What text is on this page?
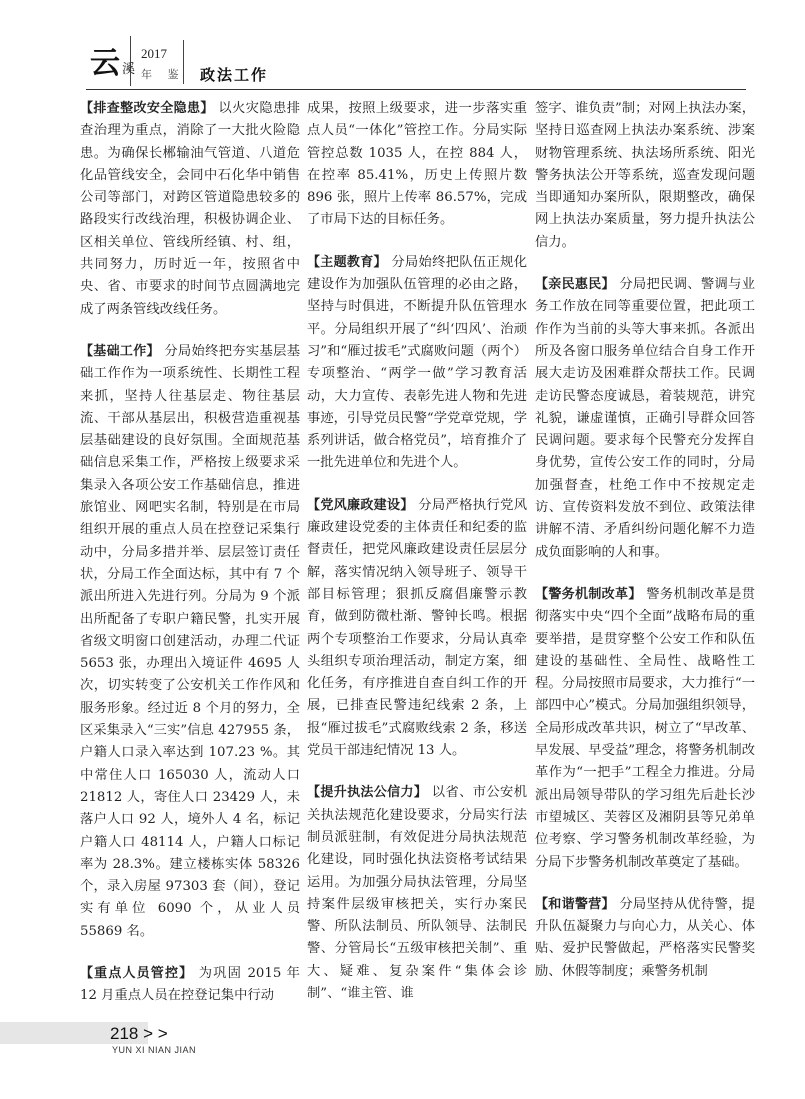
云 溪
2017
年 鉴 政法工作

【排查整改安全隐患】 以火灾隐患排查治理为重点，消除了一大批火险隐患。为确保长郴输油气管道、八道危化品管线安全，会同中石化华中销售公司等部门，对跨区管道隐患较多的路段实行改线治理，积极协调企业、区相关单位、管线所经镇、村、组，共同努力，历时近一年，按照省中央、省、市要求的时间节点圆满地完成了两条管线改线任务。

【基础工作】 分局始终把夯实基层基础工作作为一项系统性、长期性工程来抓，坚持人往基层走、物往基层流、干部从基层出，积极营造重视基层基础建设的良好氛围。全面规范基础信息采集工作，严格按上级要求采集录入各项公安工作基础信息，推进旅馆业、网吧实名制，特别是在市局组织开展的重点人员在控登记采集行动中，分局多措并举、层层签订责任状，分局工作全面达标，其中有 7 个派出所进入先进行列。分局为 9 个派出所配备了专职户籍民警，扎实开展省级文明窗口创建活动，办理二代证 5653 张，办理出入境证件 4695 人次，切实转变了公安机关工作作风和服务形象。经过近 8 个月的努力，全区采集录入“三实”信息 427955 条，户籍人口录入率达到 107.23 %。其中常住人口 165030 人，流动人口 21812 人，寄住人口 23429 人，未落户人口 92 人，境外人 4 名，标记户籍人口 48114 人，户籍人口标记率为 28.3%。建立楼栋实体 58326 个，录入房屋 97303 套（间），登记实有单位 6090 个，从业人员 55869 名。

【重点人员管控】 为巩固 2015 年 12 月重点人员在控登记集中行动

成果，按照上级要求，进一步落实重点人员“一体化”管控工作。分局实际管控总数 1035 人，在控 884 人，在控率 85.41%，历史上传照片数 896 张，照片上传率 86.57%，完成了市局下达的目标任务。

【主题教育】 分局始终把队伍正规化建设作为加强队伍管理的必由之路，坚持与时俱进，不断提升队伍管理水平。分局组织开展了“纠‘四风’、治顽习”和“雁过拔毛”式腐败问题（两个）专项整治、“两学一做”学习教育活动，大力宣传、表彰先进人物和先进事迹，引导党员民警“学党章党规，学系列讲话，做合格党员”，培育推介了一批先进单位和先进个人。

【党风廉政建设】 分局严格执行党风廉政建设党委的主体责任和纪委的监督责任，把党风廉政建设责任层层分解，落实情况纳入领导班子、领导干部目标管理；狠抓反腐倡廉警示教育，做到防微杜渐、警钟长鸣。根据两个专项整治工作要求，分局认真牵头组织专项治理活动，制定方案，细化任务，有序推进自查自纠工作的开展，已排查民警违纪线索 2 条，上报“雁过拔毛”式腐败线索 2 条，移送党员干部违纪情况 13 人。

【提升执法公信力】 以省、市公安机关执法规范化建设要求，分局实行法制员派驻制，有效促进分局执法规范化建设，同时强化执法资格考试结果运用。为加强分局执法管理，分局坚持案件层级审核把关，实行办案民警、所队法制员、所队领导、法制民警、分管局长“五级审核把关制”、重大、疑难、复杂案件“集体会诊制”、“谁主管、谁

签字、谁负责”制；对网上执法办案，坚持日巡查网上执法办案系统、涉案财物管理系统、执法场所系统、阳光警务执法公开等系统，巡查发现问题当即通知办案所队，限期整改，确保网上执法办案质量，努力提升执法公信力。

【亲民惠民】 分局把民调、警调与业务工作放在同等重要位置，把此项工作作为当前的头等大事来抓。各派出所及各窗口服务单位结合自身工作开展大走访及困难群众帮扶工作。民调走访民警态度诚恳，着装规范，讲究礼貌，谦虚谨慎，正确引导群众回答民调问题。要求每个民警充分发挥自身优势，宣传公安工作的同时，分局加强督查，杜绝工作中不按规定走访、宣传资料发放不到位、政策法律讲解不清、矛盾纠纷问题化解不力造成负面影响的人和事。

【警务机制改革】 警务机制改革是贯彻落实中央“四个全面”战略布局的重要举措，是贯穿整个公安工作和队伍建设的基础性、全局性、战略性工程。分局按照市局要求，大力推行“一部四中心”模式。分局加强组织领导，全局形成改革共识，树立了“早改革、早发展、早受益”理念，将警务机制改革作为“一把手”工程全力推进。分局派出局领导带队的学习组先后赴长沙市望城区、芙蓉区及湘阴县等兄弟单位考察、学习警务机制改革经验，为分局下步警务机制改革奠定了基础。

【和谐警营】 分局坚持从优待警，提升队伍凝聚力与向心力，从关心、体贴、爱护民警做起，严格落实民警奖励、休假等制度；乘警务机制

218 > >
YUN XI NIAN JIAN
